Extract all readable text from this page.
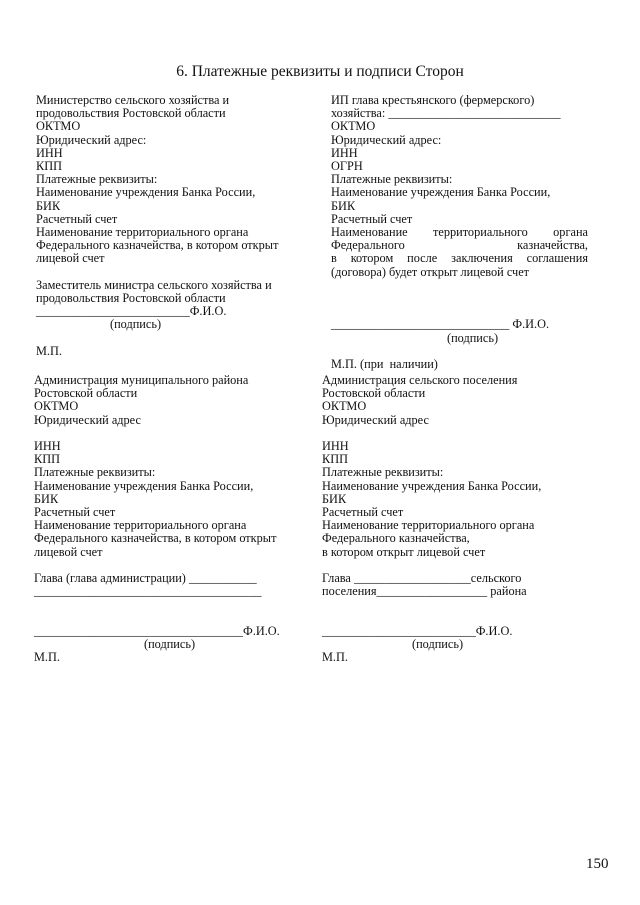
6. Платежные реквизиты и подписи Сторон
Министерство сельского хозяйства и
продовольствия Ростовской области
ОКТМО
Юридический адрес:
ИНН
КПП
Платежные реквизиты:
Наименование учреждения Банка России,
БИК
Расчетный счет
Наименование территориального органа
Федерального казначейства, в котором открыт
лицевой счет
Заместитель министра сельского хозяйства и
продовольствия Ростовской области
_________________________Ф.И.О.
(подпись)
М.П.
ИП глава крестьянского (фермерского)
хозяйства: ____________________________
ОКТМО
Юридический адрес:
ИНН
ОГРН
Платежные реквизиты:
Наименование учреждения Банка России,
БИК
Расчетный счет
Наименование территориального органа
Федерального	казначейства,
в котором после заключения соглашения
(договора) будет открыт лицевой счет
_____________________________ Ф.И.О.
(подпись)
М.П. (при  наличии)
Администрация муниципального района
Ростовской области
ОКТМО
Юридический адрес
ИНН
КПП
Платежные реквизиты:
Наименование учреждения Банка России,
БИК
Расчетный счет
Наименование территориального органа
Федерального казначейства, в котором открыт
лицевой счет
Глава (глава администрации) ___________
_____________________________________
__________________________________Ф.И.О.
(подпись)
М.П.
Администрация сельского поселения
Ростовской области
ОКТМО
Юридический адрес
ИНН
КПП
Платежные реквизиты:
Наименование учреждения Банка России,
БИК
Расчетный счет
Наименование территориального органа
Федерального казначейства,
в котором открыт лицевой счет
Глава ___________________сельского
поселения__________________ района
_________________________Ф.И.О.
(подпись)
М.П.
150
